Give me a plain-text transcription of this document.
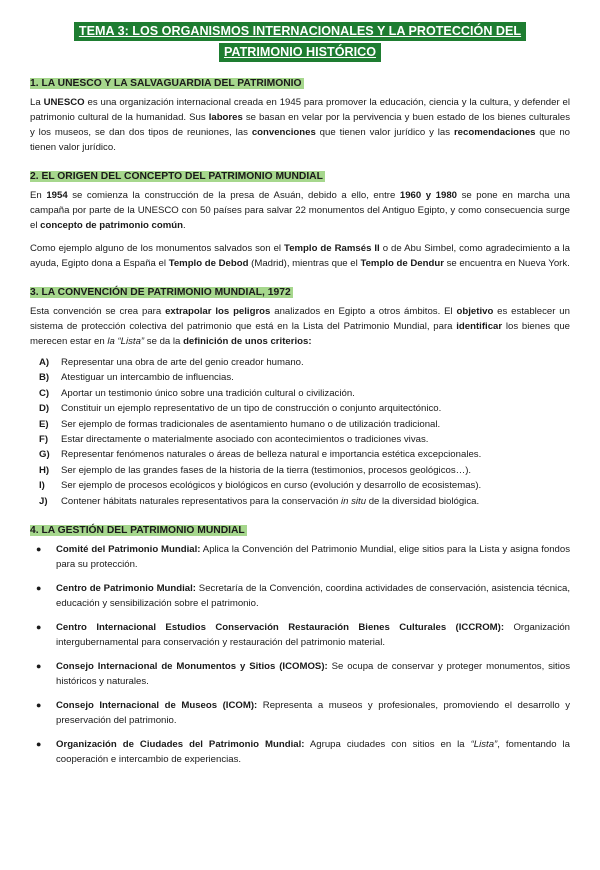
TEMA 3: LOS ORGANISMOS INTERNACIONALES Y LA PROTECCIÓN DEL
PATRIMONIO HISTÓRICO
1. LA UNESCO Y LA SALVAGUARDIA DEL PATRIMONIO

La UNESCO es una organización internacional creada en 1945 para promover la educación, ciencia y la cultura, y defender el patrimonio cultural de la humanidad. Sus labores se basan en velar por la pervivencia y buen estado de los bienes culturales y los museos, se dan dos tipos de reuniones, las convenciones que tienen valor jurídico y las recomendaciones que no tienen valor jurídico.

2. EL ORIGEN DEL CONCEPTO DEL PATRIMONIO MUNDIAL

En 1954 se comienza la construcción de la presa de Asuán, debido a ello, entre 1960 y 1980 se pone en marcha una campaña por parte de la UNESCO con 50 países para salvar 22 monumentos del Antiguo Egipto, y como consecuencia surge el concepto de patrimonio común.

Como ejemplo alguno de los monumentos salvados son el Templo de Ramsés II o de Abu Simbel, como agradecimiento a la ayuda, Egipto dona a España el Templo de Debod (Madrid), mientras que el Templo de Dendur se encuentra en Nueva York.

3. LA CONVENCIÓN DE PATRIMONIO MUNDIAL, 1972

Esta convención se crea para extrapolar los peligros analizados en Egipto a otros ámbitos. El objetivo es establecer un sistema de protección colectiva del patrimonio que está en la Lista del Patrimonio Mundial, para identificar los bienes que merecen estar en la “Lista” se da la definición de unos criterios:

A)	Representar una obra de arte del genio creador humano.
B)	Atestiguar un intercambio de influencias.
C)	Aportar un testimonio único sobre una tradición cultural o civilización.
D)	Constituir un ejemplo representativo de un tipo de construcción o conjunto arquitectónico.
E)	Ser ejemplo de formas tradicionales de asentamiento humano o de utilización tradicional.
F)	Estar directamente o materialmente asociado con acontecimientos o tradiciones vivas.
G)	Representar fenómenos naturales o áreas de belleza natural e importancia estética excepcionales.
H)	Ser ejemplo de las grandes fases de la historia de la tierra (testimonios, procesos geológicos…).
I)	Ser ejemplo de procesos ecológicos y biológicos en curso (evolución y desarrollo de ecosistemas).
J)	Contener hábitats naturales representativos para la conservación in situ de la diversidad biológica.
4. LA GESTIÓN DEL PATRIMONIO MUNDIAL
●	Comité del Patrimonio Mundial: Aplica la Convención del Patrimonio Mundial, elige sitios para la Lista y asigna fondos para su protección.
●	Centro de Patrimonio Mundial: Secretaría de la Convención, coordina actividades de conservación, asistencia técnica, educación y sensibilización sobre el patrimonio.
●	Centro Internacional Estudios Conservación Restauración Bienes Culturales (ICCROM): Organización intergubernamental para conservación y restauración del patrimonio material.
●	Consejo Internacional de Monumentos y Sitios (ICOMOS): Se ocupa de conservar y proteger monumentos, sitios históricos y naturales.
●	Consejo Internacional de Museos (ICOM): Representa a museos y profesionales, promoviendo el desarrollo y preservación del patrimonio.
●	Organización de Ciudades del Patrimonio Mundial: Agrupa ciudades con sitios en la “Lista”, fomentando la cooperación e intercambio de experiencias.
